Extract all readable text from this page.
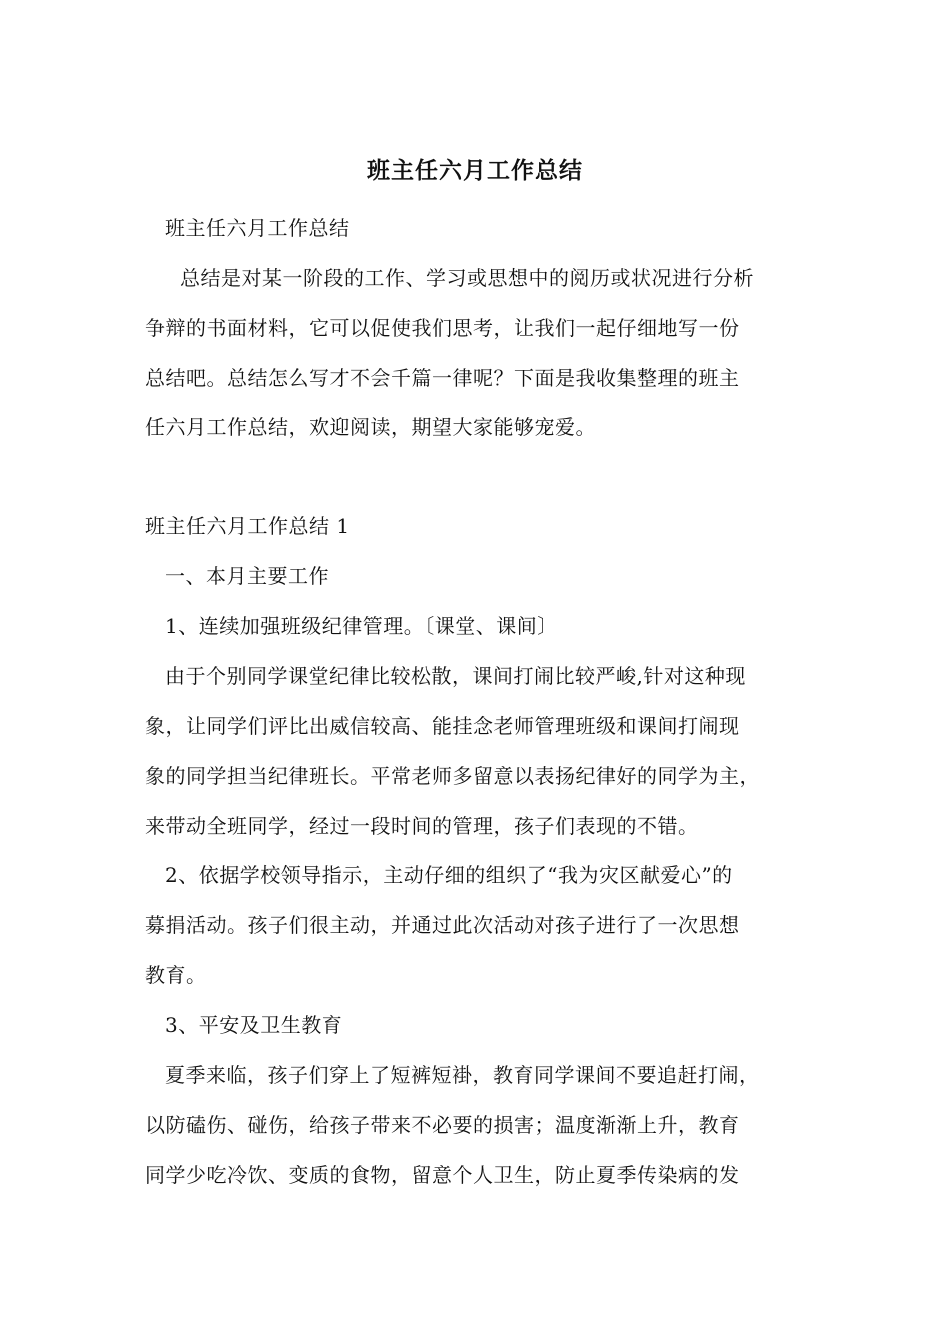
班主任六月工作总结
班主任六月工作总结
总结是对某一阶段的工作、学习或思想中的阅历或状况进行分析
争辩的书面材料，它可以促使我们思考，让我们一起仔细地写一份
总结吧。总结怎么写才不会千篇一律呢？下面是我收集整理的班主
任六月工作总结，欢迎阅读，期望大家能够宠爱。
班主任六月工作总结 1
一、本月主要工作
1、连续加强班级纪律管理。〔课堂、课间〕
由于个别同学课堂纪律比较松散，课间打闹比较严峻,针对这种现
象，让同学们评比出威信较高、能挂念老师管理班级和课间打闹现
象的同学担当纪律班长。平常老师多留意以表扬纪律好的同学为主，
来带动全班同学，经过一段时间的管理，孩子们表现的不错。
2、依据学校领导指示，主动仔细的组织了“我为灾区献爱心”的
募捐活动。孩子们很主动，并通过此次活动对孩子进行了一次思想
教育。
3、平安及卫生教育
夏季来临，孩子们穿上了短裤短褂，教育同学课间不要追赶打闹，
以防磕伤、碰伤，给孩子带来不必要的损害；温度渐渐上升，教育
同学少吃冷饮、变质的食物，留意个人卫生，防止夏季传染病的发
